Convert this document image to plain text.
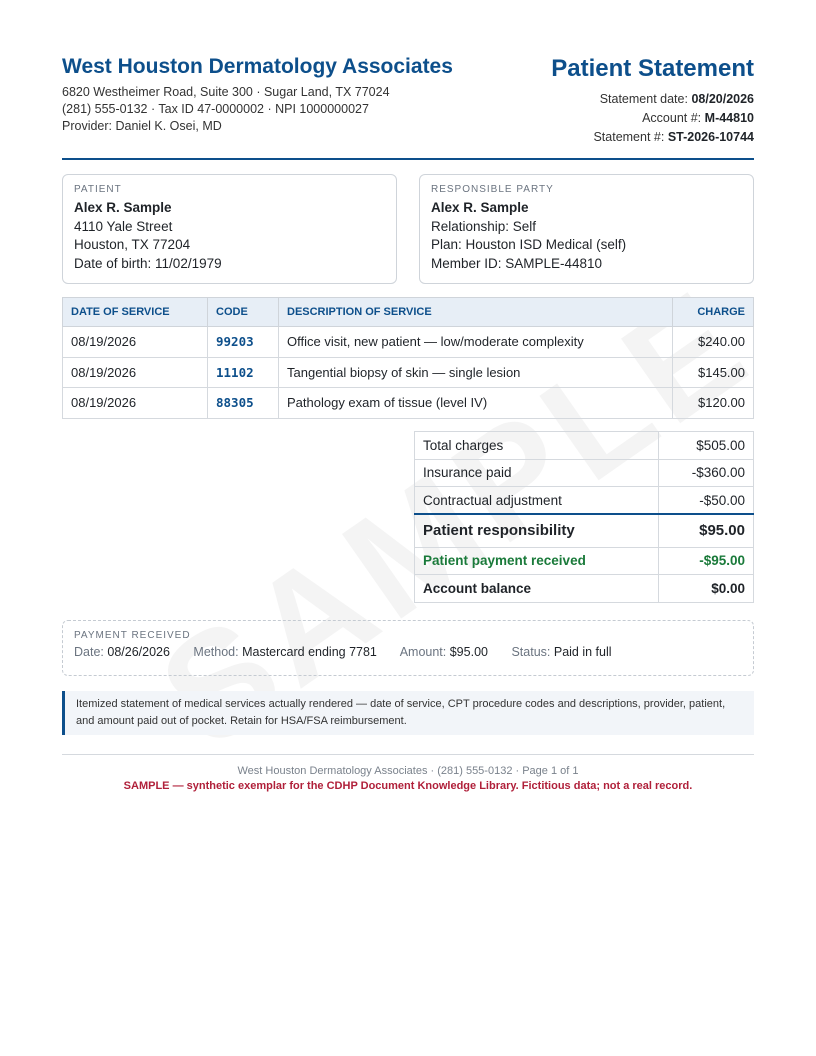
West Houston Dermatology Associates
6820 Westheimer Road, Suite 300 · Sugar Land, TX 77024
(281) 555-0132 · Tax ID 47-0000002 · NPI 1000000027
Provider: Daniel K. Osei, MD
Patient Statement
Statement date: 08/20/2026
Account #: M-44810
Statement #: ST-2026-10744
PATIENT
Alex R. Sample
4110 Yale Street
Houston, TX 77204
Date of birth: 11/02/1979
RESPONSIBLE PARTY
Alex R. Sample
Relationship: Self
Plan: Houston ISD Medical (self)
Member ID: SAMPLE-44810
DATE OF SERVICE	CODE	DESCRIPTION OF SERVICE	CHARGE
08/19/2026	99203	Office visit, new patient — low/moderate complexity	$240.00
08/19/2026	11102	Tangential biopsy of skin — single lesion	$145.00
08/19/2026	88305	Pathology exam of tissue (level IV)	$120.00
Total charges	$505.00
Insurance paid	-$360.00
Contractual adjustment	-$50.00
Patient responsibility	$95.00
Patient payment received	-$95.00
Account balance	$0.00
PAYMENT RECEIVED
Date: 08/26/2026 Method: Mastercard ending 7781 Amount: $95.00 Status: Paid in full
Itemized statement of medical services actually rendered — date of service, CPT procedure codes and descriptions, provider, patient, and amount paid out of pocket. Retain for HSA/FSA reimbursement.
West Houston Dermatology Associates · (281) 555-0132 · Page 1 of 1
SAMPLE — synthetic exemplar for the CDHP Document Knowledge Library. Fictitious data; not a real record.
